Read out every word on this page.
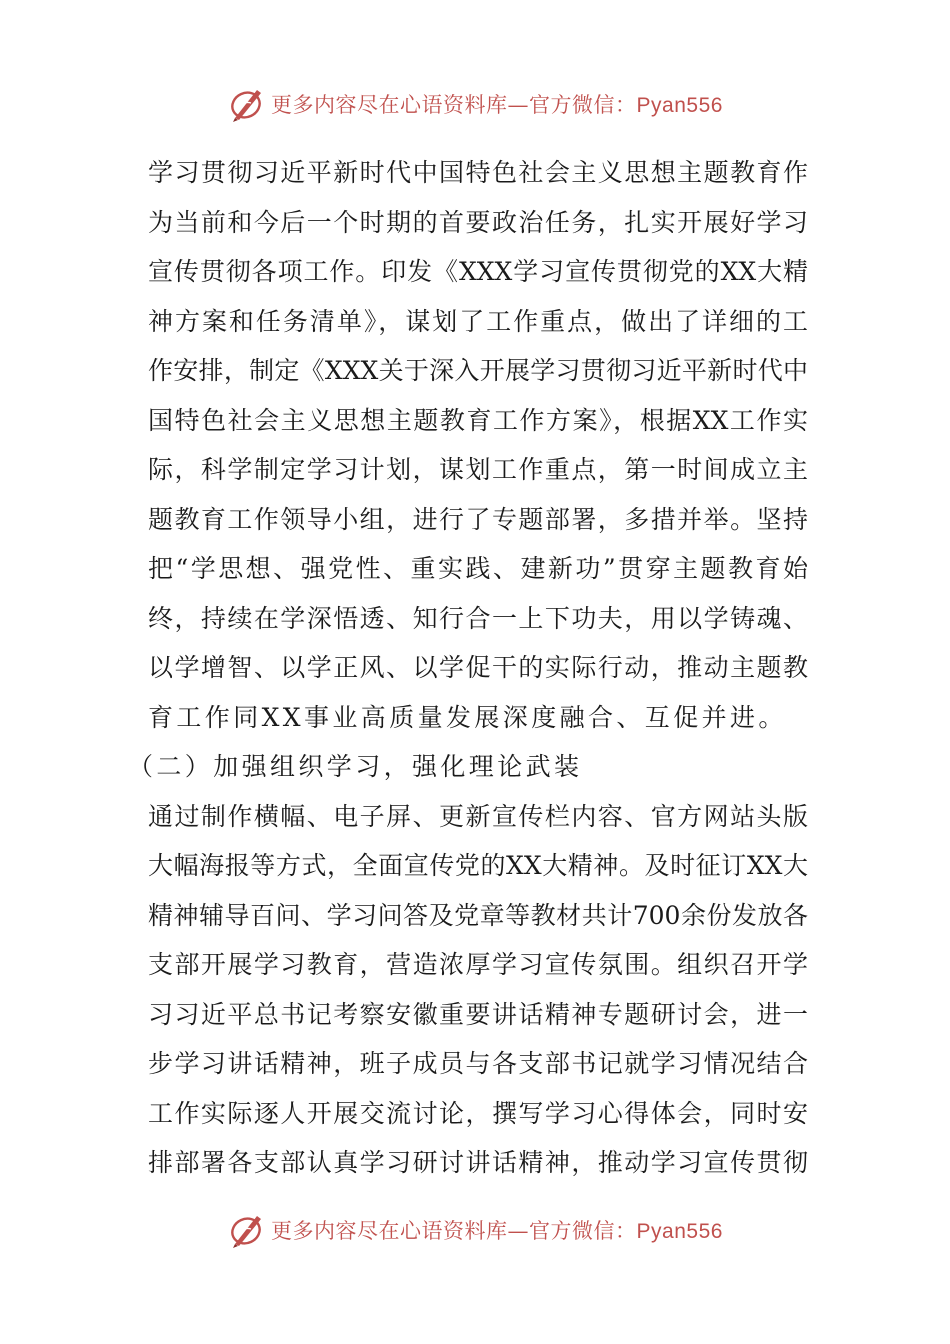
更多内容尽在心语资料库—官方微信：Pyan556
学习贯彻习近平新时代中国特色社会主义思想主题教育作
为当前和今后一个时期的首要政治任务，扎实开展好学习
宣传贯彻各项工作。印发《XXX学习宣传贯彻党的XX大精
神方案和任务清单》，谋划了工作重点，做出了详细的工
作安排，制定《XXX关于深入开展学习贯彻习近平新时代中
国特色社会主义思想主题教育工作方案》，根据XX工作实
际，科学制定学习计划，谋划工作重点，第一时间成立主
题教育工作领导小组，进行了专题部署，多措并举。坚持
把“学思想、强党性、重实践、建新功”贯穿主题教育始
终，持续在学深悟透、知行合一上下功夫，用以学铸魂、
以学增智、以学正风、以学促干的实际行动，推动主题教
育工作同XX事业高质量发展深度融合、互促并进。
（二）加强组织学习，强化理论武装
通过制作横幅、电子屏、更新宣传栏内容、官方网站头版
大幅海报等方式，全面宣传党的XX大精神。及时征订XX大
精神辅导百问、学习问答及党章等教材共计700余份发放各
支部开展学习教育，营造浓厚学习宣传氛围。组织召开学
习习近平总书记考察安徽重要讲话精神专题研讨会，进一
步学习讲话精神，班子成员与各支部书记就学习情况结合
工作实际逐人开展交流讨论，撰写学习心得体会，同时安
排部署各支部认真学习研讨讲话精神，推动学习宣传贯彻
更多内容尽在心语资料库—官方微信：Pyan556
